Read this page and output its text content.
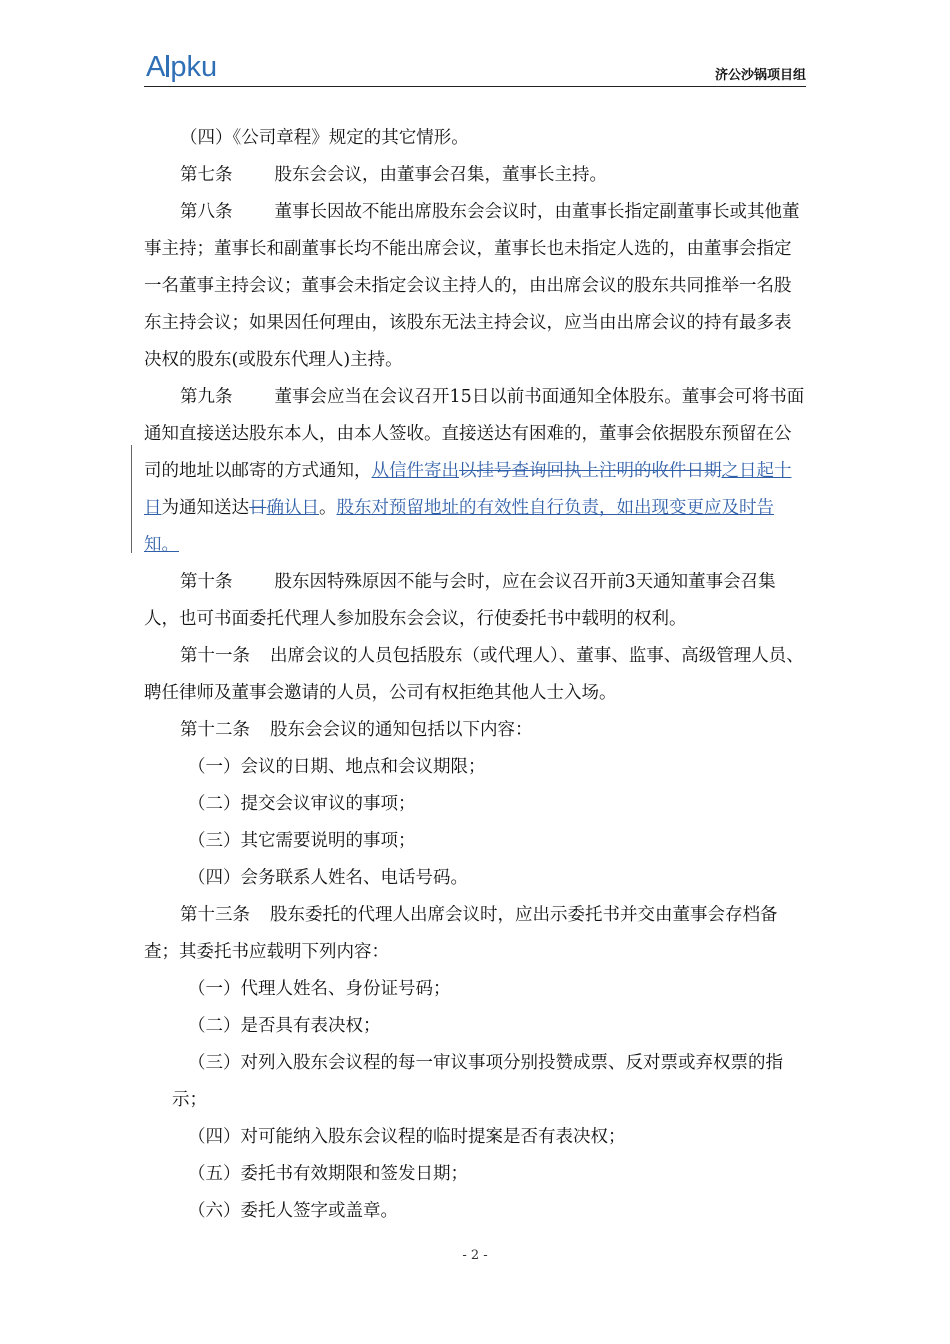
A pku	济公沙锅项目组

（四）《公司章程》规定的其它情形。

第七条 股东会会议，由董事会召集，董事长主持。

第八条 董事长因故不能出席股东会会议时，由董事长指定副董事长或其他董事主持；董事长和副董事长均不能出席会议，董事长也未指定人选的，由董事会指定一名董事主持会议；董事会未指定会议主持人的，由出席会议的股东共同推举一名股东主持会议；如果因任何理由，该股东无法主持会议，应当由出席会议的持有最多表决权的股东(或股东代理人)主持。

第九条 董事会应当在会议召开15日以前书面通知全体股东。董事会可将书面通知直接送达股东本人，由本人签收。直接送达有困难的，董事会依据股东预留在公司的地址以邮寄的方式通知，从信件寄出以挂号查询回执上注明的收件日期之日起十日为通知送达日确认日。股东对预留地址的有效性自行负责，如出现变更应及时告知。

第十条 股东因特殊原因不能与会时，应在会议召开前3天通知董事会召集人，也可书面委托代理人参加股东会会议，行使委托书中载明的权利。

第十一条 出席会议的人员包括股东（或代理人）、董事、监事、高级管理人员、聘任律师及董事会邀请的人员，公司有权拒绝其他人士入场。

第十二条 股东会会议的通知包括以下内容：

（一）会议的日期、地点和会议期限；

（二）提交会议审议的事项；

（三）其它需要说明的事项；

（四）会务联系人姓名、电话号码。

第十三条 股东委托的代理人出席会议时，应出示委托书并交由董事会存档备查；其委托书应载明下列内容：

（一）代理人姓名、身份证号码；

（二）是否具有表决权；

（三）对列入股东会议程的每一审议事项分别投赞成票、反对票或弃权票的指示；

（四）对可能纳入股东会议程的临时提案是否有表决权；

（五）委托书有效期限和签发日期；

（六）委托人签字或盖章。

- 2 -
